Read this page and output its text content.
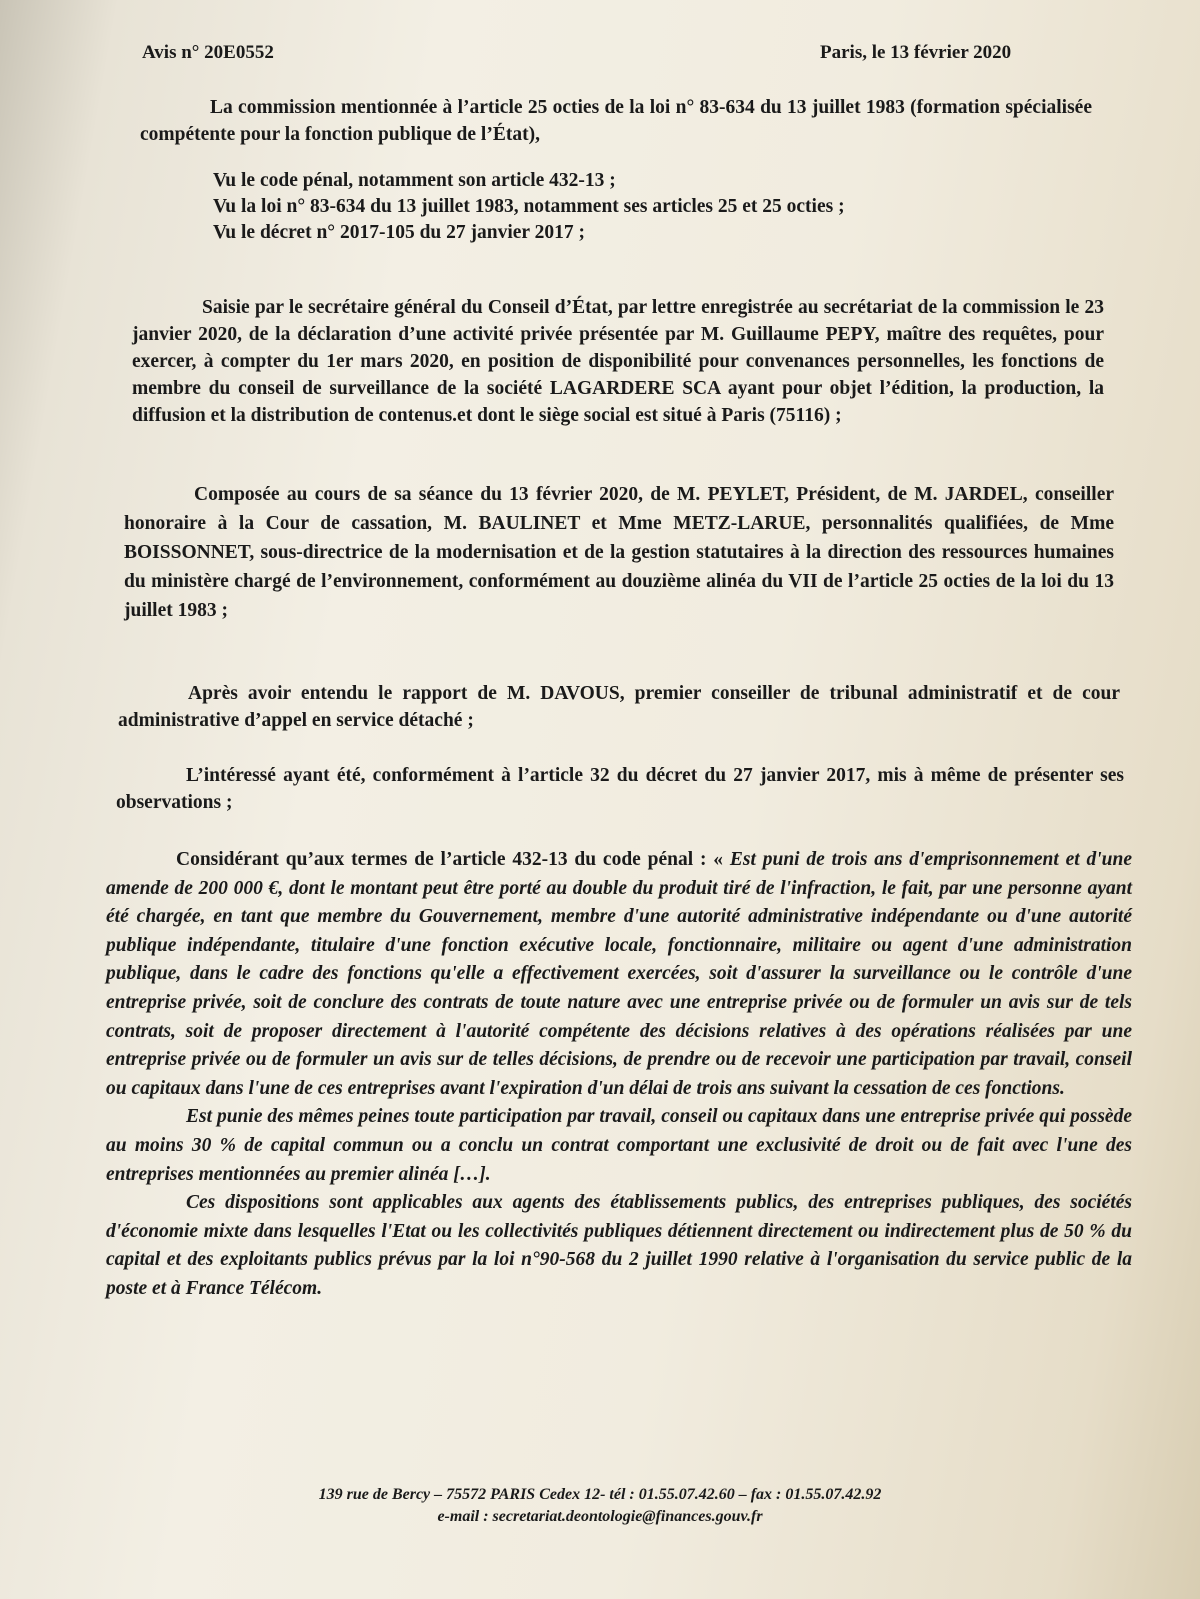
Avis n° 20E0552	Paris, le 13 février 2020

La commission mentionnée à l’article 25 octies de la loi n° 83-634 du 13 juillet 1983 (formation spécialisée compétente pour la fonction publique de l’État),

Vu le code pénal, notamment son article 432-13 ;
Vu la loi n° 83-634 du 13 juillet 1983, notamment ses articles 25 et 25 octies ;
Vu le décret n° 2017-105 du 27 janvier 2017 ;

Saisie par le secrétaire général du Conseil d’État, par lettre enregistrée au secrétariat de la commission le 23 janvier 2020, de la déclaration d’une activité privée présentée par M. Guillaume PEPY, maître des requêtes, pour exercer, à compter du 1er mars 2020, en position de disponibilité pour convenances personnelles, les fonctions de membre du conseil de surveillance de la société LAGARDERE SCA ayant pour objet l’édition, la production, la diffusion et la distribution de contenus.et dont le siège social est situé à Paris (75116) ;

Composée au cours de sa séance du 13 février 2020, de M. PEYLET, Président, de M. JARDEL, conseiller honoraire à la Cour de cassation, M. BAULINET et Mme METZ-LARUE, personnalités qualifiées, de Mme BOISSONNET, sous-directrice de la modernisation et de la gestion statutaires à la direction des ressources humaines du ministère chargé de l’environnement, conformément au douzième alinéa du VII de l’article 25 octies de la loi du 13 juillet 1983 ;

Après avoir entendu le rapport de M. DAVOUS, premier conseiller de tribunal administratif et de cour administrative d’appel en service détaché ;

L’intéressé ayant été, conformément à l’article 32 du décret du 27 janvier 2017, mis à même de présenter ses observations ;

Considérant qu’aux termes de l’article 432-13 du code pénal : « Est puni de trois ans d'emprisonnement et d'une amende de 200 000 €, dont le montant peut être porté au double du produit tiré de l'infraction, le fait, par une personne ayant été chargée, en tant que membre du Gouvernement, membre d'une autorité administrative indépendante ou d'une autorité publique indépendante, titulaire d'une fonction exécutive locale, fonctionnaire, militaire ou agent d'une administration publique, dans le cadre des fonctions qu'elle a effectivement exercées, soit d'assurer la surveillance ou le contrôle d'une entreprise privée, soit de conclure des contrats de toute nature avec une entreprise privée ou de formuler un avis sur de tels contrats, soit de proposer directement à l'autorité compétente des décisions relatives à des opérations réalisées par une entreprise privée ou de formuler un avis sur de telles décisions, de prendre ou de recevoir une participation par travail, conseil ou capitaux dans l'une de ces entreprises avant l'expiration d'un délai de trois ans suivant la cessation de ces fonctions.

Est punie des mêmes peines toute participation par travail, conseil ou capitaux dans une entreprise privée qui possède au moins 30 % de capital commun ou a conclu un contrat comportant une exclusivité de droit ou de fait avec l'une des entreprises mentionnées au premier alinéa […].

Ces dispositions sont applicables aux agents des établissements publics, des entreprises publiques, des sociétés d'économie mixte dans lesquelles l'Etat ou les collectivités publiques détiennent directement ou indirectement plus de 50 % du capital et des exploitants publics prévus par la loi n°90-568 du 2 juillet 1990 relative à l'organisation du service public de la poste et à France Télécom.

139 rue de Bercy – 75572 PARIS Cedex 12- tél : 01.55.07.42.60 – fax : 01.55.07.42.92
e-mail : secretariat.deontologie@finances.gouv.fr
